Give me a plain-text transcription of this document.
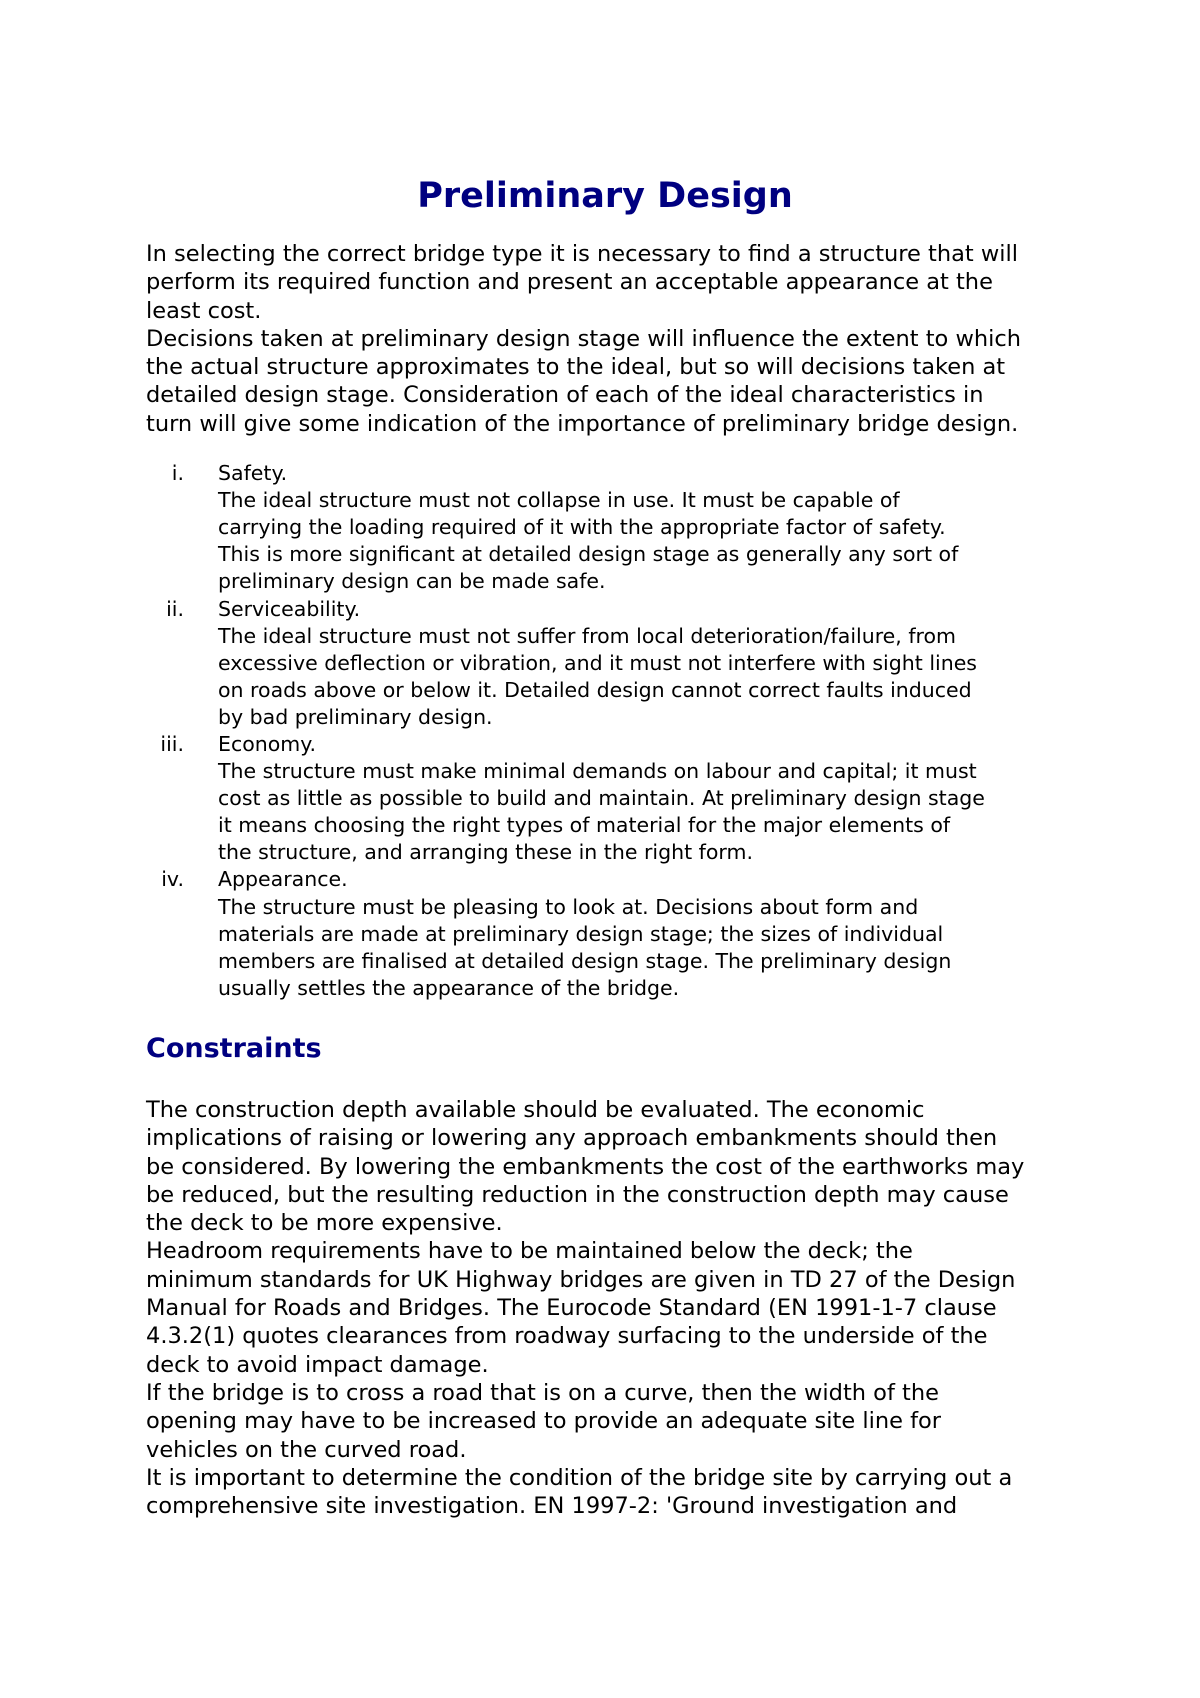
Preliminary Design

In selecting the correct bridge type it is necessary to find a structure that will
perform its required function and present an acceptable appearance at the
least cost.

Decisions taken at preliminary design stage will influence the extent to which
the actual structure approximates to the ideal, but so will decisions taken at
detailed design stage. Consideration of each of the ideal characteristics in
turn will give some indication of the importance of preliminary bridge design.

i. Safety.
The ideal structure must not collapse in use. It must be capable of
carrying the loading required of it with the appropriate factor of safety.
This is more significant at detailed design stage as generally any sort of
preliminary design can be made safe.
ii. Serviceability.
The ideal structure must not suffer from local deterioration/failure, from
excessive deflection or vibration, and it must not interfere with sight lines
on roads above or below it. Detailed design cannot correct faults induced
by bad preliminary design.
iii. Economy.
The structure must make minimal demands on labour and capital; it must
cost as little as possible to build and maintain. At preliminary design stage
it means choosing the right types of material for the major elements of
the structure, and arranging these in the right form.
iv. Appearance.
The structure must be pleasing to look at. Decisions about form and
materials are made at preliminary design stage; the sizes of individual
members are finalised at detailed design stage. The preliminary design
usually settles the appearance of the bridge.
Constraints

The construction depth available should be evaluated. The economic
implications of raising or lowering any approach embankments should then
be considered. By lowering the embankments the cost of the earthworks may
be reduced, but the resulting reduction in the construction depth may cause
the deck to be more expensive.

Headroom requirements have to be maintained below the deck; the
minimum standards for UK Highway bridges are given in TD 27 of the Design
Manual for Roads and Bridges. The Eurocode Standard (EN 1991-1-7 clause
4.3.2(1) quotes clearances from roadway surfacing to the underside of the
deck to avoid impact damage.

If the bridge is to cross a road that is on a curve, then the width of the
opening may have to be increased to provide an adequate site line for
vehicles on the curved road.

It is important to determine the condition of the bridge site by carrying out a
comprehensive site investigation. EN 1997-2: 'Ground investigation and
